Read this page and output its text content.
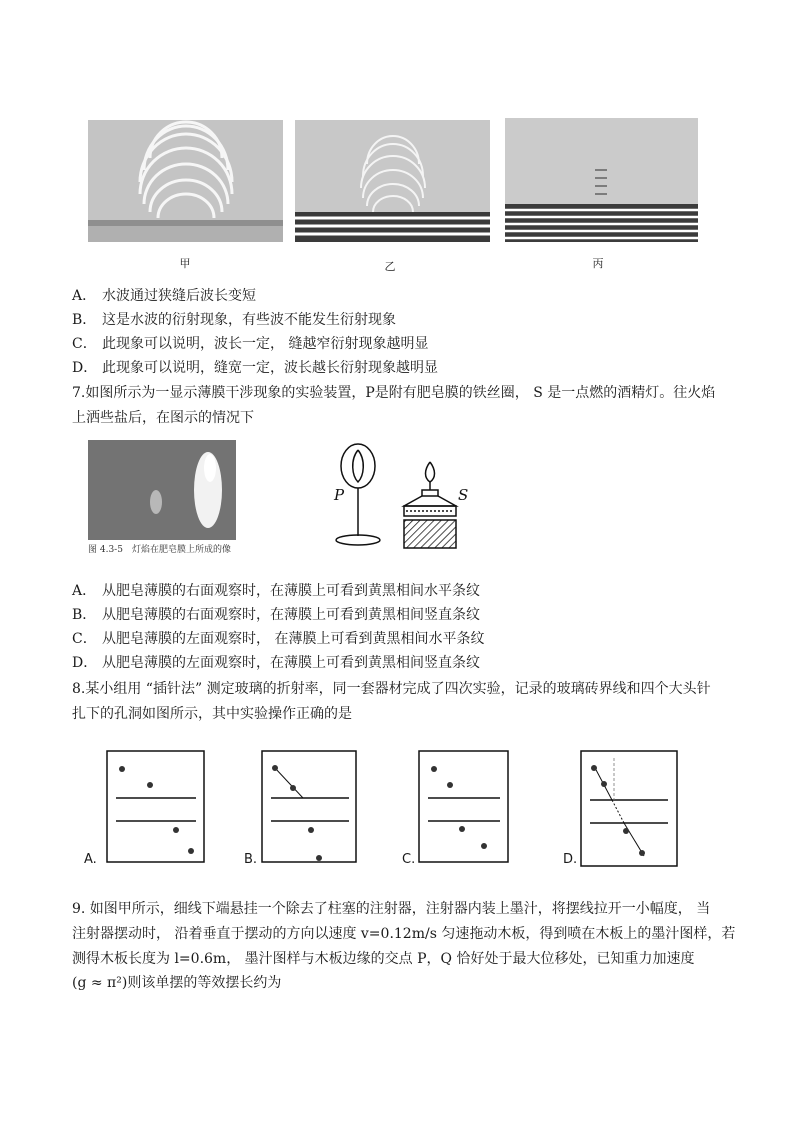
甲	乙	丙
A． 水波通过狭缝后波长变短
B． 这是水波的衍射现象，有些波不能发生衍射现象
C． 此现象可以说明，波长一定， 缝越窄衍射现象越明显
D． 此现象可以说明，缝宽一定，波长越长衍射现象越明显
7.如图所示为一显示薄膜干涉现象的实验装置，P是附有肥皂膜的铁丝圈， S 是一点燃的酒精灯。往火焰
上洒些盐后，在图示的情况下
图 4.3-5　灯焰在肥皂膜上所成的像
P	S
A． 从肥皂薄膜的右面观察时，在薄膜上可看到黄黑相间水平条纹
B． 从肥皂薄膜的右面观察时，在薄膜上可看到黄黑相间竖直条纹
C． 从肥皂薄膜的左面观察时， 在薄膜上可看到黄黑相间水平条纹
D． 从肥皂薄膜的左面观察时，在薄膜上可看到黄黑相间竖直条纹
8.某小组用 “插针法” 测定玻璃的折射率，同一套器材完成了四次实验，记录的玻璃砖界线和四个大头针
扎下的孔洞如图所示，其中实验操作正确的是
A.	B.	C.	D.
9. 如图甲所示，细线下端悬挂一个除去了柱塞的注射器，注射器内装上墨汁，将摆线拉开一小幅度， 当
注射器摆动时， 沿着垂直于摆动的方向以速度 v=0.12m/s 匀速拖动木板，得到喷在木板上的墨汁图样，若
测得木板长度为 l=0.6m， 墨汁图样与木板边缘的交点 P，Q 恰好处于最大位移处，已知重力加速度
(g ≈ π²)则该单摆的等效摆长约为
